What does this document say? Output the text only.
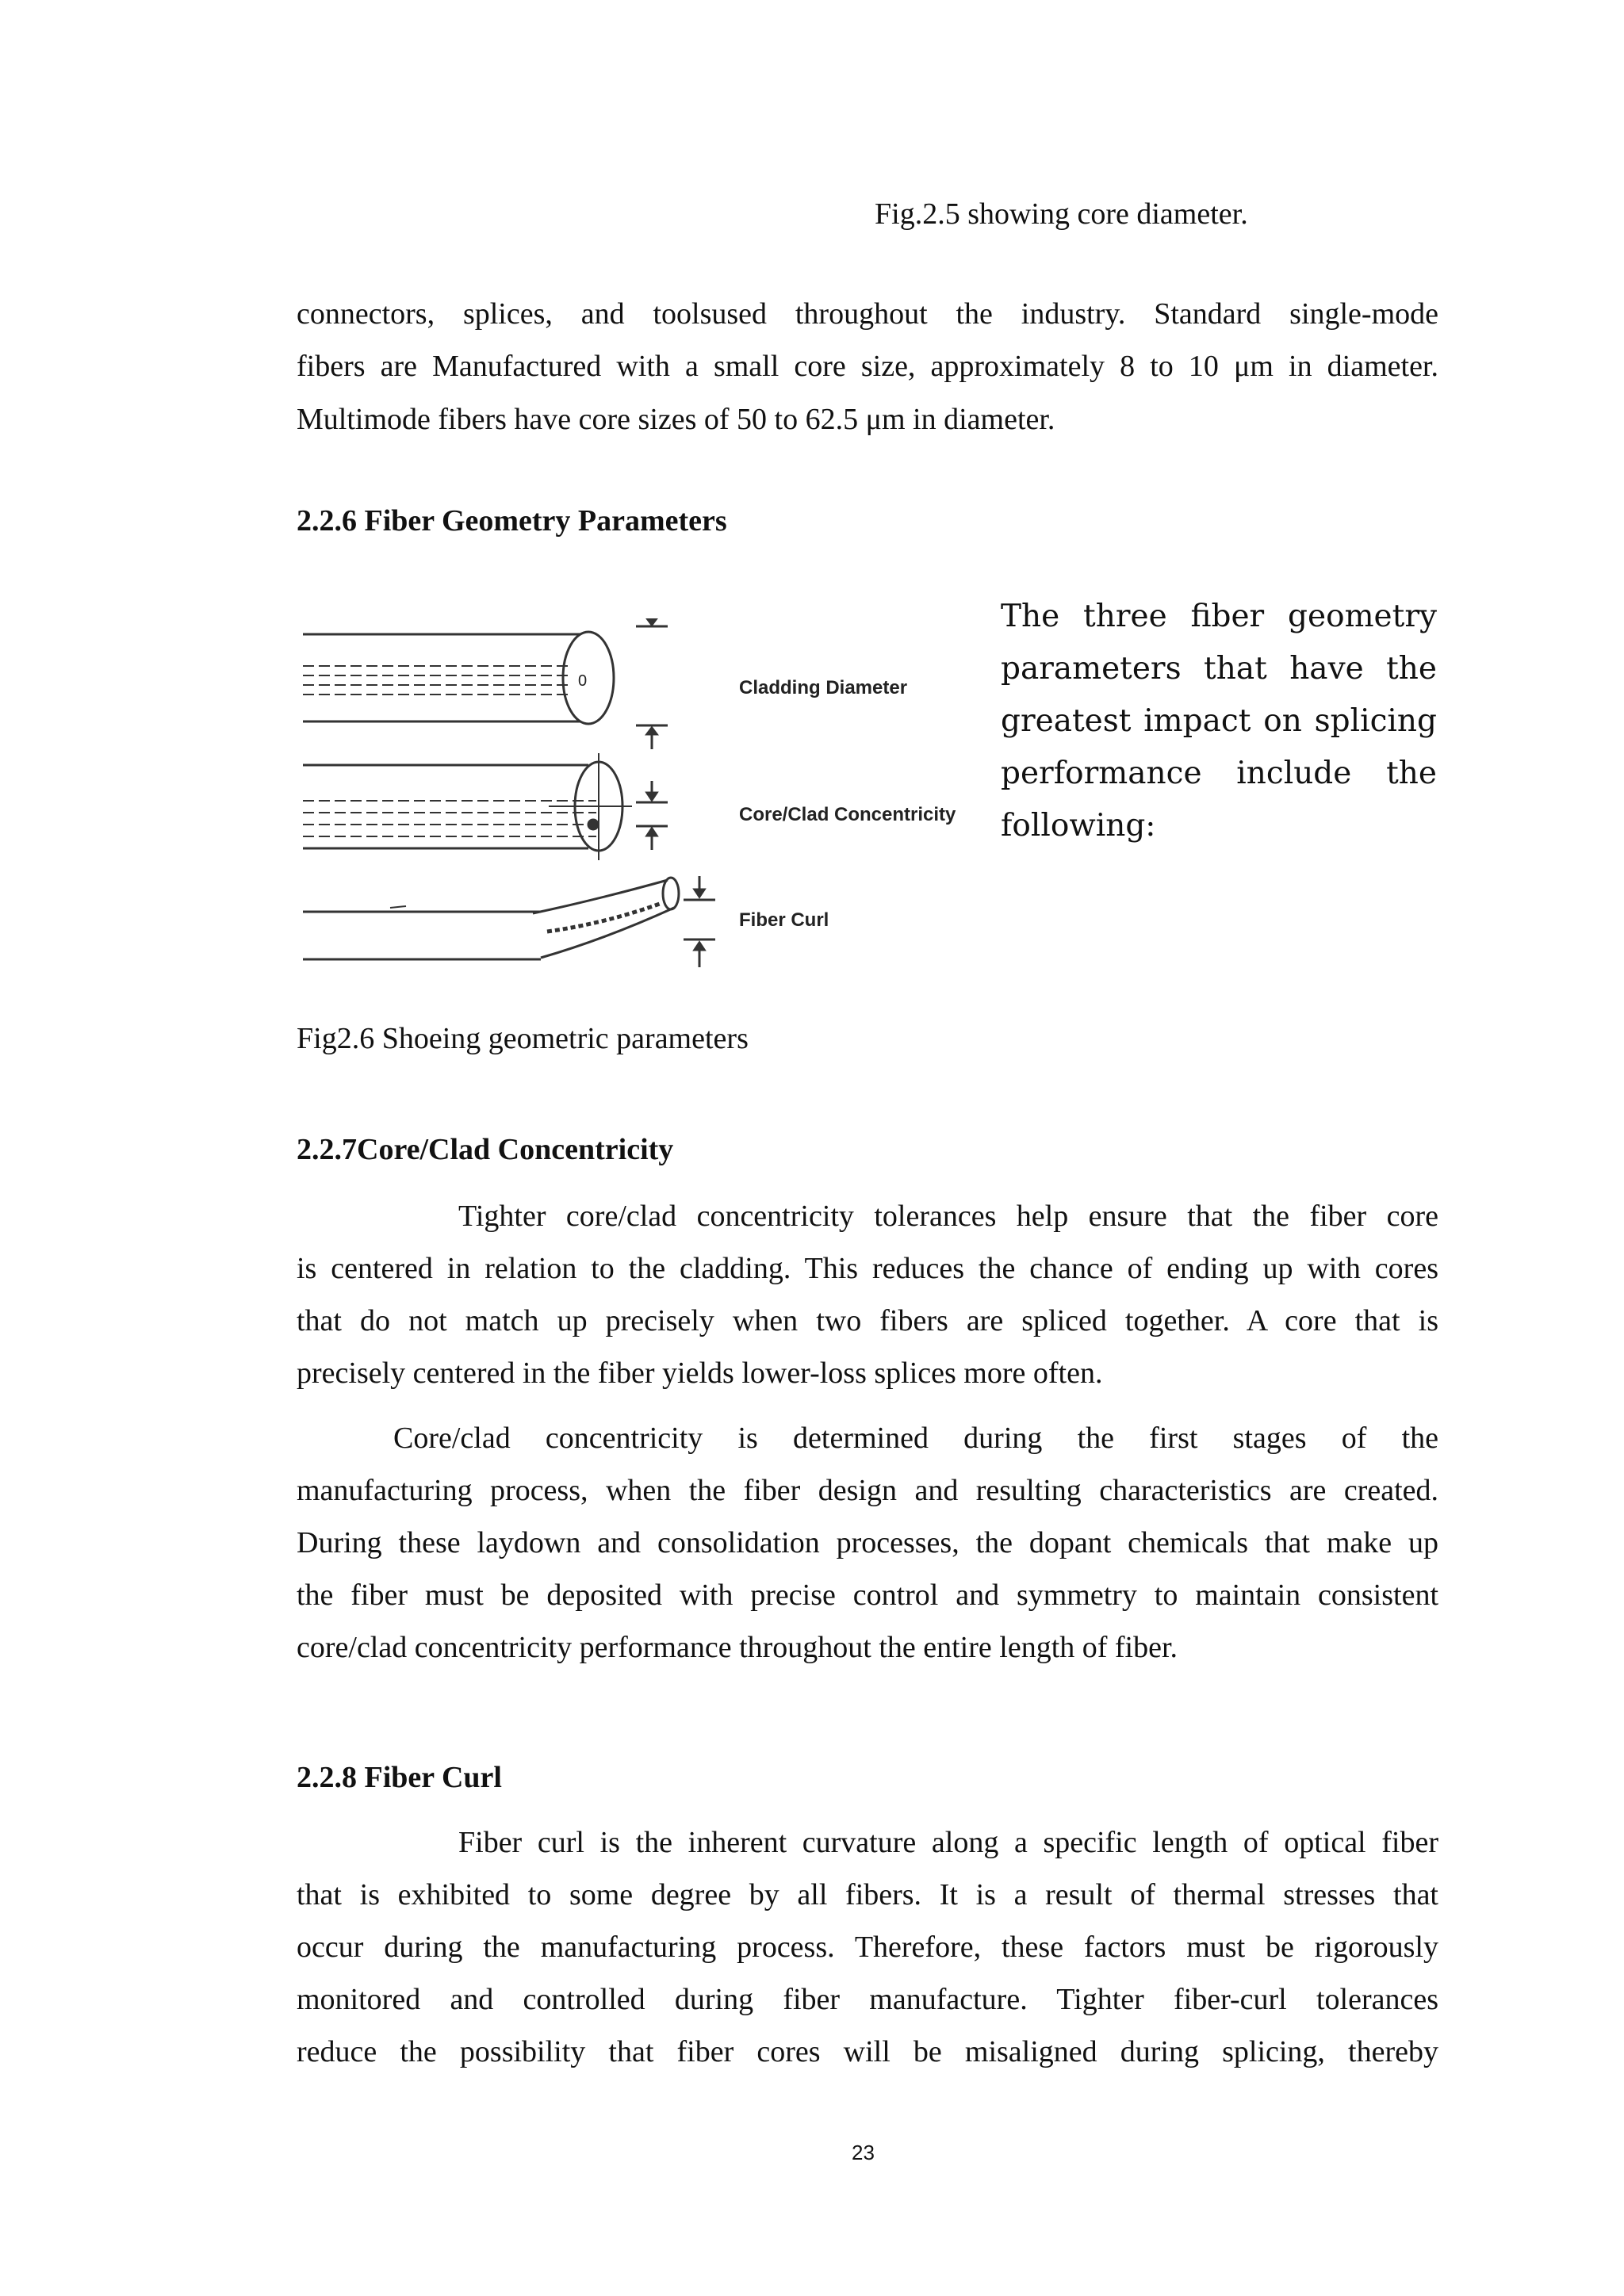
Fig.2.5 showing core diameter.
connectors, splices, and toolsused throughout the industry. Standard single-mode
fibers are Manufactured with a small core size, approximately 8 to 10 μm in diameter.
Multimode fibers have core sizes of 50 to 62.5 μm in diameter.
2.2.6 Fiber Geometry Parameters
0	Cladding Diameter
Core/Clad Concentricity
Fiber Curl
The three fiber geometry
parameters that have the
greatest impact on splicing
performance include the
following:
Fig2.6 Shoeing geometric parameters
2.2.7Core/Clad Concentricity
Tighter core/clad concentricity tolerances help ensure that the fiber core
is centered in relation to the cladding. This reduces the chance of ending up with cores
that do not match up precisely when two fibers are spliced together. A core that is
precisely centered in the fiber yields lower-loss splices more often.
Core/clad concentricity is determined during the first stages of the
manufacturing process, when the fiber design and resulting characteristics are created.
During these laydown and consolidation processes, the dopant chemicals that make up
the fiber must be deposited with precise control and symmetry to maintain consistent
core/clad concentricity performance throughout the entire length of fiber.
2.2.8 Fiber Curl
Fiber curl is the inherent curvature along a specific length of optical fiber
that is exhibited to some degree by all fibers. It is a result of thermal stresses that
occur during the manufacturing process. Therefore, these factors must be rigorously
monitored and controlled during fiber manufacture. Tighter fiber-curl tolerances
reduce the possibility that fiber cores will be misaligned during splicing, thereby
23
